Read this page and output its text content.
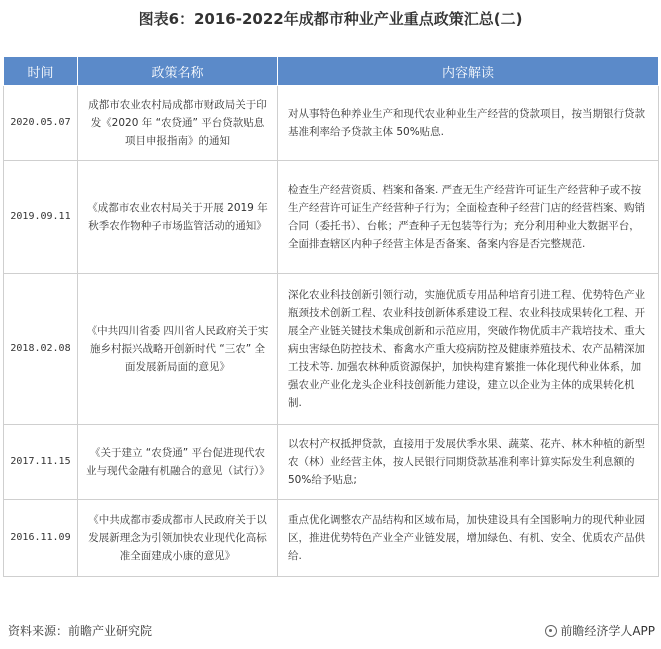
图表6：2016-2022年成都市种业产业重点政策汇总(二)
时间	政策名称	内容解读
2020.05.07	成都市农业农村局成都市财政局关于印发《2020 年 “农贷通” 平台贷款贴息项目申报指南》的通知	对从事特色种养业生产和现代农业种业生产经营的贷款项目，按当期银行贷款基准利率给予贷款主体 50%贴息.
2019.09.11	《成都市农业农村局关于开展 2019 年秋季农作物种子市场监管活动的通知》	检查生产经营资质、档案和备案. 严查无生产经营许可证生产经营种子或不按生产经营许可证生产经营种子行为；全面检查种子经营门店的经营档案、购销合同（委托书）、台帐；严查种子无包装等行为；充分利用种业大数据平台，全面排查辖区内种子经营主体是否备案、备案内容是否完整规范.
2018.02.08	《中共四川省委 四川省人民政府关于实施乡村振兴战略开创新时代 “三农” 全面发展新局面的意见》	深化农业科技创新引领行动，实施优质专用品种培育引进工程、优势特色产业瓶颈技术创新工程、农业科技创新体系建设工程、农业科技成果转化工程、开展全产业链关键技术集成创新和示范应用，突破作物优质丰产栽培技术、重大病虫害绿色防控技术、畜禽水产重大疫病防控及健康养殖技术、农产品精深加工技术等. 加强农林种质资源保护，加快构建育繁推一体化现代种业体系，加强农业产业化龙头企业科技创新能力建设，建立以企业为主体的成果转化机制.
2017.11.15	《关于建立 “农贷通” 平台促进现代农业与现代金融有机融合的意见（试行）》	以农村产权抵押贷款，直接用于发展伏季水果、蔬菜、花卉、林木种植的新型农（林）业经营主体，按人民银行同期贷款基准利率计算实际发生利息额的 50%给予贴息;
2016.11.09	《中共成都市委成都市人民政府关于以发展新理念为引领加快农业现代化高标准全面建成小康的意见》	重点优化调整农产品结构和区域布局，加快建设具有全国影响力的现代种业园区，推进优势特色产业全产业链发展，增加绿色、有机、安全、优质农产品供给.
资料来源：前瞻产业研究院	前瞻经济学人APP
